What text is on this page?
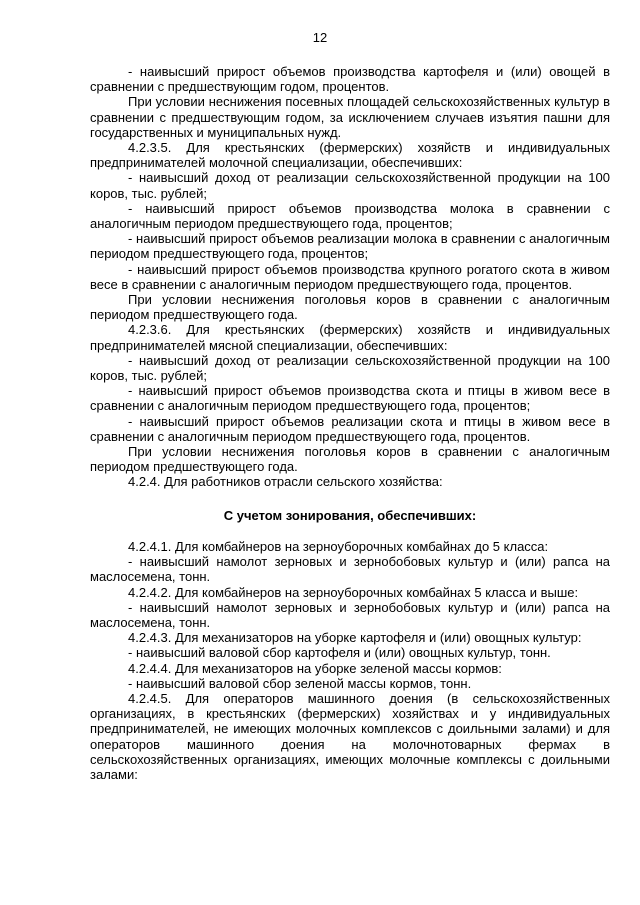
12

- наивысший прирост объемов производства картофеля и (или) овощей в сравнении с предшествующим годом, процентов.

При условии неснижения посевных площадей сельскохозяйственных культур в сравнении с предшествующим годом, за исключением случаев изъятия пашни для государственных и муниципальных нужд.

4.2.3.5. Для крестьянских (фермерских) хозяйств и индивидуальных предпринимателей молочной специализации, обеспечивших:

- наивысший доход от реализации сельскохозяйственной продукции на 100 коров, тыс. рублей;

- наивысший прирост объемов производства молока в сравнении с аналогичным периодом предшествующего года, процентов;

- наивысший прирост объемов реализации молока в сравнении с аналогичным периодом предшествующего года, процентов;

- наивысший прирост объемов производства крупного рогатого скота в живом весе в сравнении с аналогичным периодом предшествующего года, процентов.

При условии неснижения поголовья коров в сравнении с аналогичным периодом предшествующего года.

4.2.3.6. Для крестьянских (фермерских) хозяйств и индивидуальных предпринимателей мясной специализации, обеспечивших:

- наивысший доход от реализации сельскохозяйственной продукции на 100 коров, тыс. рублей;

- наивысший прирост объемов производства скота и птицы в живом весе в сравнении с аналогичным периодом предшествующего года, процентов;

- наивысший прирост объемов реализации скота и птицы в живом весе в сравнении с аналогичным периодом предшествующего года, процентов.

При условии неснижения поголовья коров в сравнении с аналогичным периодом предшествующего года.

4.2.4. Для работников отрасли сельского хозяйства:

С учетом зонирования, обеспечивших:

4.2.4.1. Для комбайнеров на зерноуборочных комбайнах до 5 класса:

- наивысший намолот зерновых и зернобобовых культур и (или) рапса на маслосемена, тонн.

4.2.4.2. Для комбайнеров на зерноуборочных комбайнах 5 класса и выше:

- наивысший намолот зерновых и зернобобовых культур и (или) рапса на маслосемена, тонн.

4.2.4.3. Для механизаторов на уборке картофеля и (или) овощных культур:

- наивысший валовой сбор картофеля и (или) овощных культур, тонн.

4.2.4.4. Для механизаторов на уборке зеленой массы кормов:

- наивысший валовой сбор зеленой массы кормов, тонн.

4.2.4.5. Для операторов машинного доения (в сельскохозяйственных организациях, в крестьянских (фермерских) хозяйствах и у индивидуальных предпринимателей, не имеющих молочных комплексов с доильными залами) и для операторов машинного доения на молочнотоварных фермах в сельскохозяйственных организациях, имеющих молочные комплексы с доильными залами:
